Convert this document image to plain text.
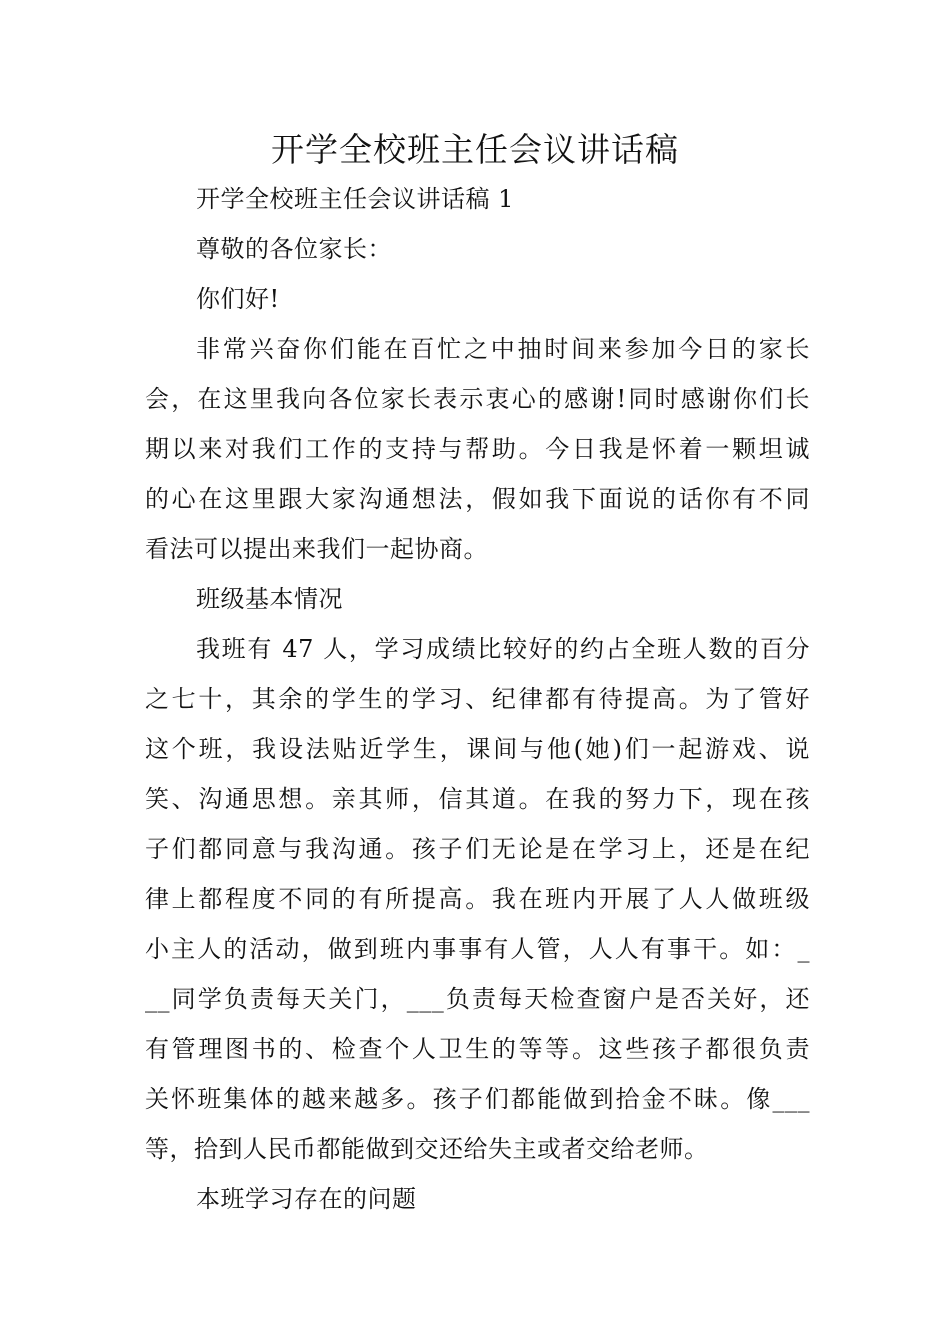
开学全校班主任会议讲话稿
开学全校班主任会议讲话稿 1
尊敬的各位家长：
你们好!
非常兴奋你们能在百忙之中抽时间来参加今日的家长
会，在这里我向各位家长表示衷心的感谢!同时感谢你们长
期以来对我们工作的支持与帮助。今日我是怀着一颗坦诚
的心在这里跟大家沟通想法，假如我下面说的话你有不同
看法可以提出来我们一起协商。
班级基本情况
我班有 47 人，学习成绩比较好的约占全班人数的百分
之七十，其余的学生的学习、纪律都有待提高。为了管好
这个班，我设法贴近学生，课间与他(她)们一起游戏、说
笑、沟通思想。亲其师，信其道。在我的努力下，现在孩
子们都同意与我沟通。孩子们无论是在学习上，还是在纪
律上都程度不同的有所提高。我在班内开展了人人做班级
小主人的活动，做到班内事事有人管，人人有事干。如：_
__同学负责每天关门，___负责每天检查窗户是否关好，还
有管理图书的、检查个人卫生的等等。这些孩子都很负责
关怀班集体的越来越多。孩子们都能做到拾金不昧。像___
等，拾到人民币都能做到交还给失主或者交给老师。
本班学习存在的问题
